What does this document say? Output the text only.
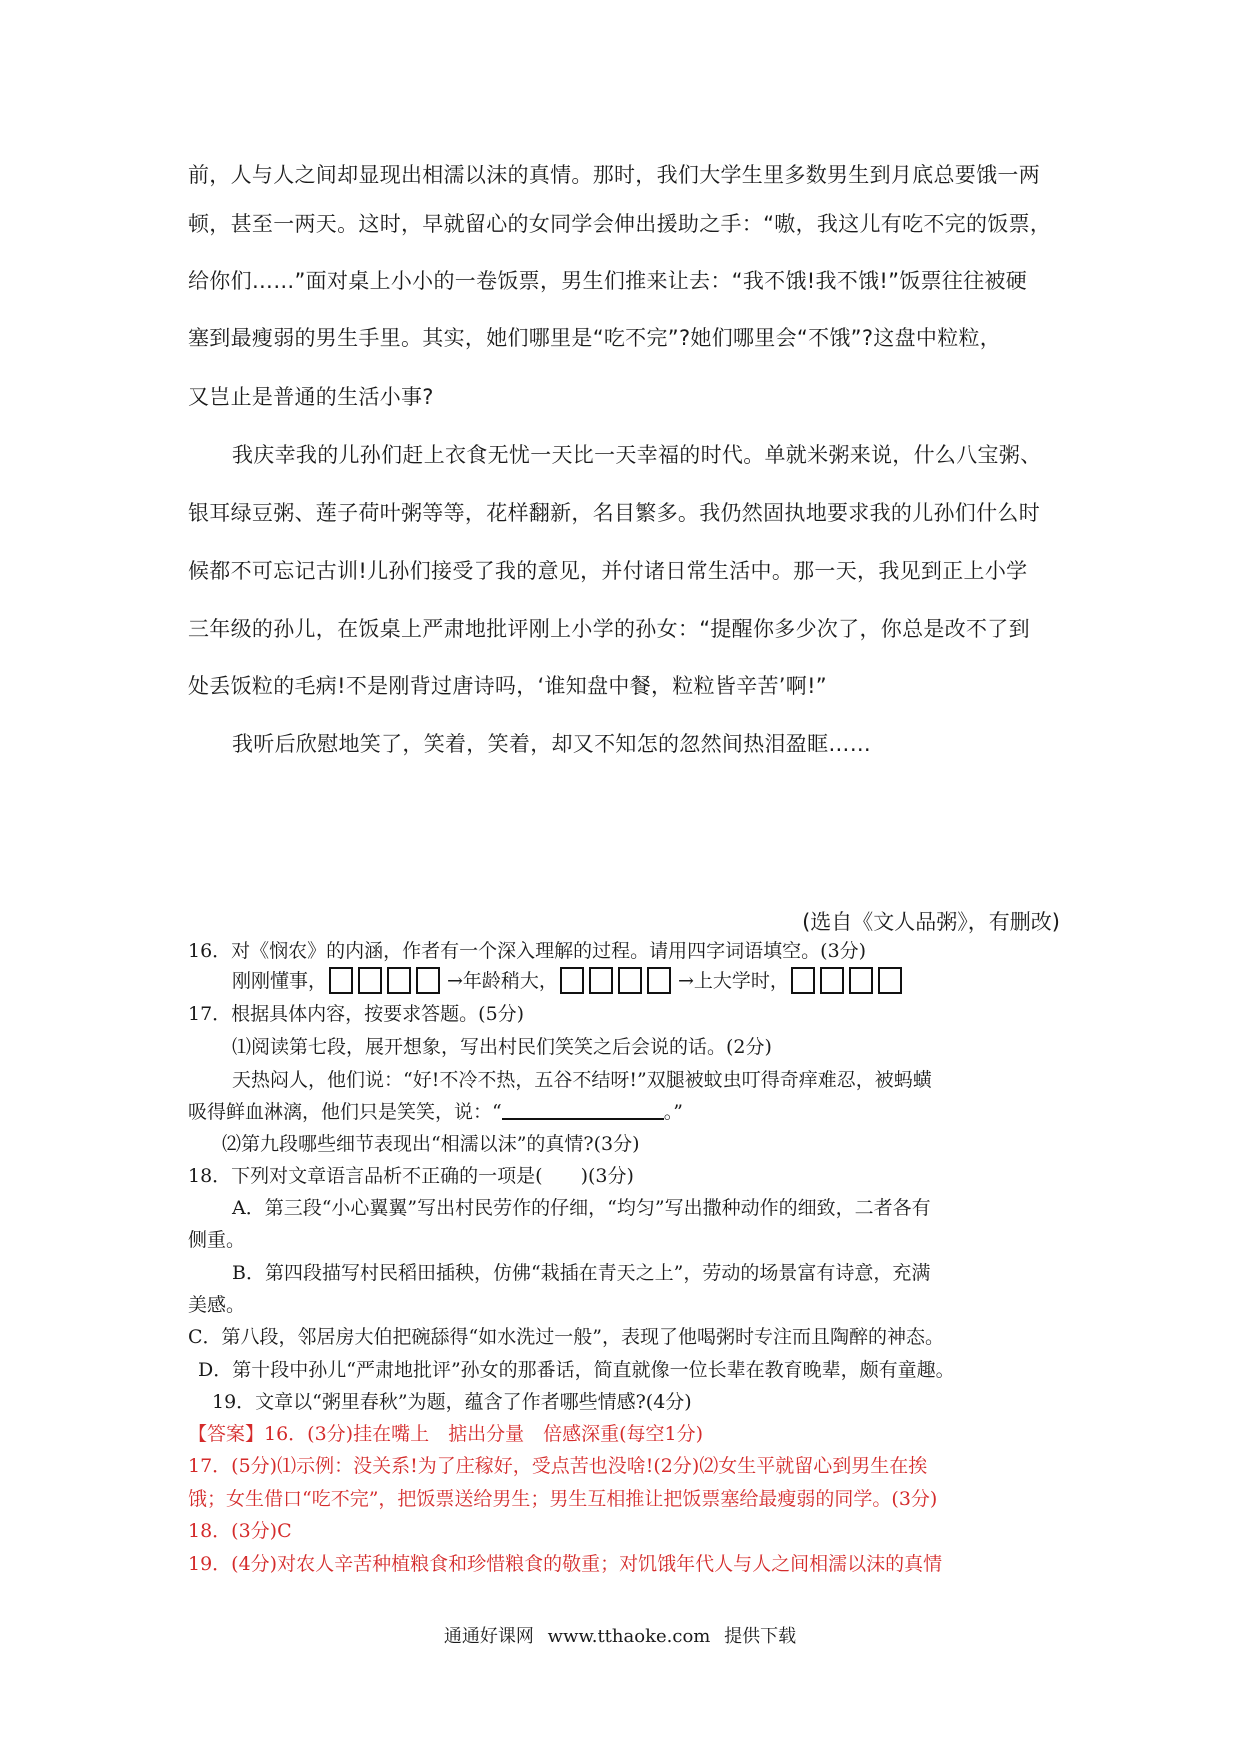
前，人与人之间却显现出相濡以沫的真情。那时，我们大学生里多数男生到月底总要饿一两

顿，甚至一两天。这时，早就留心的女同学会伸出援助之手：“嗷，我这儿有吃不完的饭票，

给你们……”面对桌上小小的一卷饭票，男生们推来让去：“我不饿!我不饿!”饭票往往被硬

塞到最瘦弱的男生手里。其实，她们哪里是“吃不完”?她们哪里会“不饿”?这盘中粒粒，

又岂止是普通的生活小事?

我庆幸我的儿孙们赶上衣食无忧一天比一天幸福的时代。单就米粥来说，什么八宝粥、

银耳绿豆粥、莲子荷叶粥等等，花样翻新，名目繁多。我仍然固执地要求我的儿孙们什么时

候都不可忘记古训!儿孙们接受了我的意见，并付诸日常生活中。那一天，我见到正上小学

三年级的孙儿，在饭桌上严肃地批评刚上小学的孙女：“提醒你多少次了，你总是改不了到

处丢饭粒的毛病!不是刚背过唐诗吗，‘谁知盘中餐，粒粒皆辛苦’啊!”

我听后欣慰地笑了，笑着，笑着，却又不知怎的忽然间热泪盈眶……

(选自《文人品粥》，有删改)

16．对《悯农》的内涵，作者有一个深入理解的过程。请用四字词语填空。(3分)

刚刚懂事，	→年龄稍大，	→上大学时，

17．根据具体内容，按要求答题。(5分)

⑴阅读第七段，展开想象，写出村民们笑笑之后会说的话。(2分)

天热闷人，他们说：“好!不冷不热，五谷不结呀!”双腿被蚊虫叮得奇痒难忍，被蚂蟥

吸得鲜血淋漓，他们只是笑笑，说：“	。”

⑵第九段哪些细节表现出“相濡以沫”的真情?(3分)

18．下列对文章语言品析不正确的一项是(　　)(3分)

A．第三段“小心翼翼”写出村民劳作的仔细，“均匀”写出撒种动作的细致，二者各有

侧重。

B．第四段描写村民稻田插秧，仿佛“栽插在青天之上”，劳动的场景富有诗意，充满

美感。

C．第八段，邻居房大伯把碗舔得“如水洗过一般”，表现了他喝粥时专注而且陶醉的神态。

D．第十段中孙儿“严肃地批评”孙女的那番话，简直就像一位长辈在教育晚辈，颇有童趣。

19．文章以“粥里春秋”为题，蕴含了作者哪些情感?(4分)

【答案】16．(3分)挂在嘴上　掂出分量　倍感深重(每空1分)

17．(5分)⑴示例：没关系!为了庄稼好，受点苦也没啥!(2分)⑵女生平就留心到男生在挨

饿；女生借口“吃不完”，把饭票送给男生；男生互相推让把饭票塞给最瘦弱的同学。(3分)

18．(3分)C

19．(4分)对农人辛苦种植粮食和珍惜粮食的敬重；对饥饿年代人与人之间相濡以沫的真情

通通好课网 www.tthaoke.com 提供下载
